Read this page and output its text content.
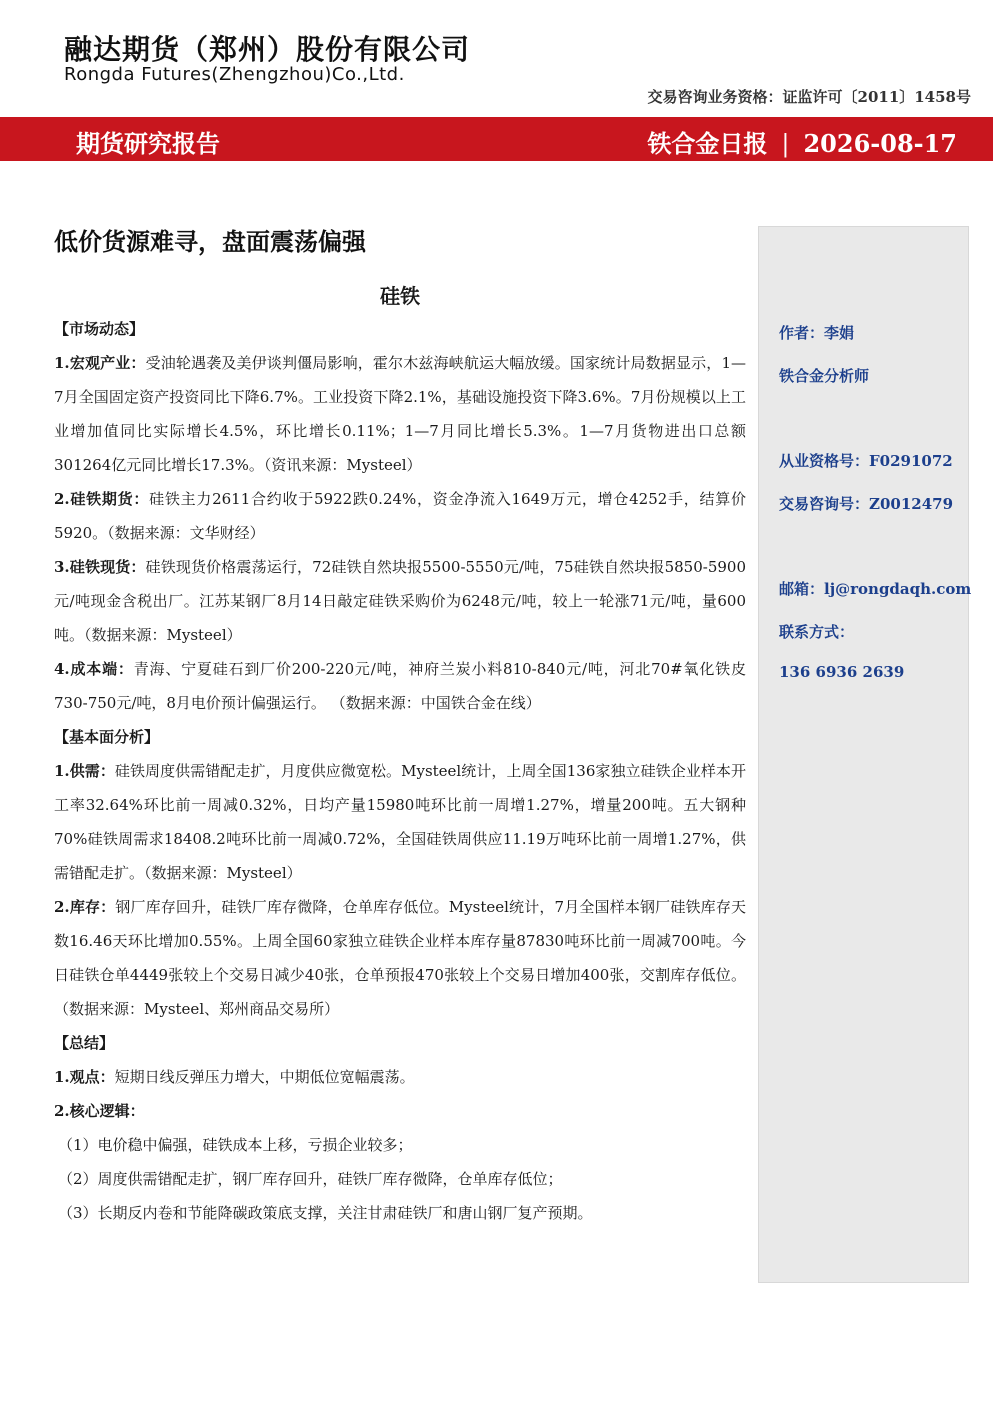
融达期货（郑州）股份有限公司
Rongda Futures(Zhengzhou)Co.,Ltd.
交易咨询业务资格：证监许可〔2011〕1458号
期货研究报告	铁合金日报 | 2026-08-17
低价货源难寻，盘面震荡偏强
硅铁

【市场动态】

1.宏观产业：受油轮遇袭及美伊谈判僵局影响，霍尔木兹海峡航运大幅放缓。国家统计局数据显示，1—7月全国固定资产投资同比下降6.7%。工业投资下降2.1%，基础设施投资下降3.6%。7月份规模以上工业增加值同比实际增长4.5%，环比增长0.11%；1—7月同比增长5.3%。1—7月货物进出口总额301264亿元同比增长17.3%。（资讯来源：Mysteel）

2.硅铁期货：硅铁主力2611合约收于5922跌0.24%，资金净流入1649万元，增仓4252手，结算价5920。（数据来源：文华财经）

3.硅铁现货：硅铁现货价格震荡运行，72硅铁自然块报5500-5550元/吨，75硅铁自然块报5850-5900元/吨现金含税出厂。江苏某钢厂8月14日敲定硅铁采购价为6248元/吨，较上一轮涨71元/吨，量600吨。（数据来源：Mysteel）

4.成本端：青海、宁夏硅石到厂价200-220元/吨，神府兰炭小料810-840元/吨，河北70#氧化铁皮730-750元/吨，8月电价预计偏强运行。 （数据来源：中国铁合金在线）

【基本面分析】

1.供需：硅铁周度供需错配走扩，月度供应微宽松。Mysteel统计，上周全国136家独立硅铁企业样本开工率32.64%环比前一周减0.32%，日均产量15980吨环比前一周增1.27%，增量200吨。五大钢种70%硅铁周需求18408.2吨环比前一周减0.72%，全国硅铁周供应11.19万吨环比前一周增1.27%，供需错配走扩。（数据来源：Mysteel）

2.库存：钢厂库存回升，硅铁厂库存微降，仓单库存低位。Mysteel统计，7月全国样本钢厂硅铁库存天数16.46天环比增加0.55%。上周全国60家独立硅铁企业样本库存量87830吨环比前一周减700吨。今日硅铁仓单4449张较上个交易日减少40张，仓单预报470张较上个交易日增加400张，交割库存低位。（数据来源：Mysteel、郑州商品交易所）

【总结】

1.观点：短期日线反弹压力增大，中期低位宽幅震荡。

2.核心逻辑：

（1）电价稳中偏强，硅铁成本上移，亏损企业较多；

（2）周度供需错配走扩，钢厂库存回升，硅铁厂库存微降，仓单库存低位；

（3）长期反内卷和节能降碳政策底支撑，关注甘肃硅铁厂和唐山钢厂复产预期。

作者：李娟
铁合金分析师
从业资格号：F0291072
交易咨询号：Z0012479
邮箱：lj@rongdaqh.com
联系方式：
136 6936 2639
